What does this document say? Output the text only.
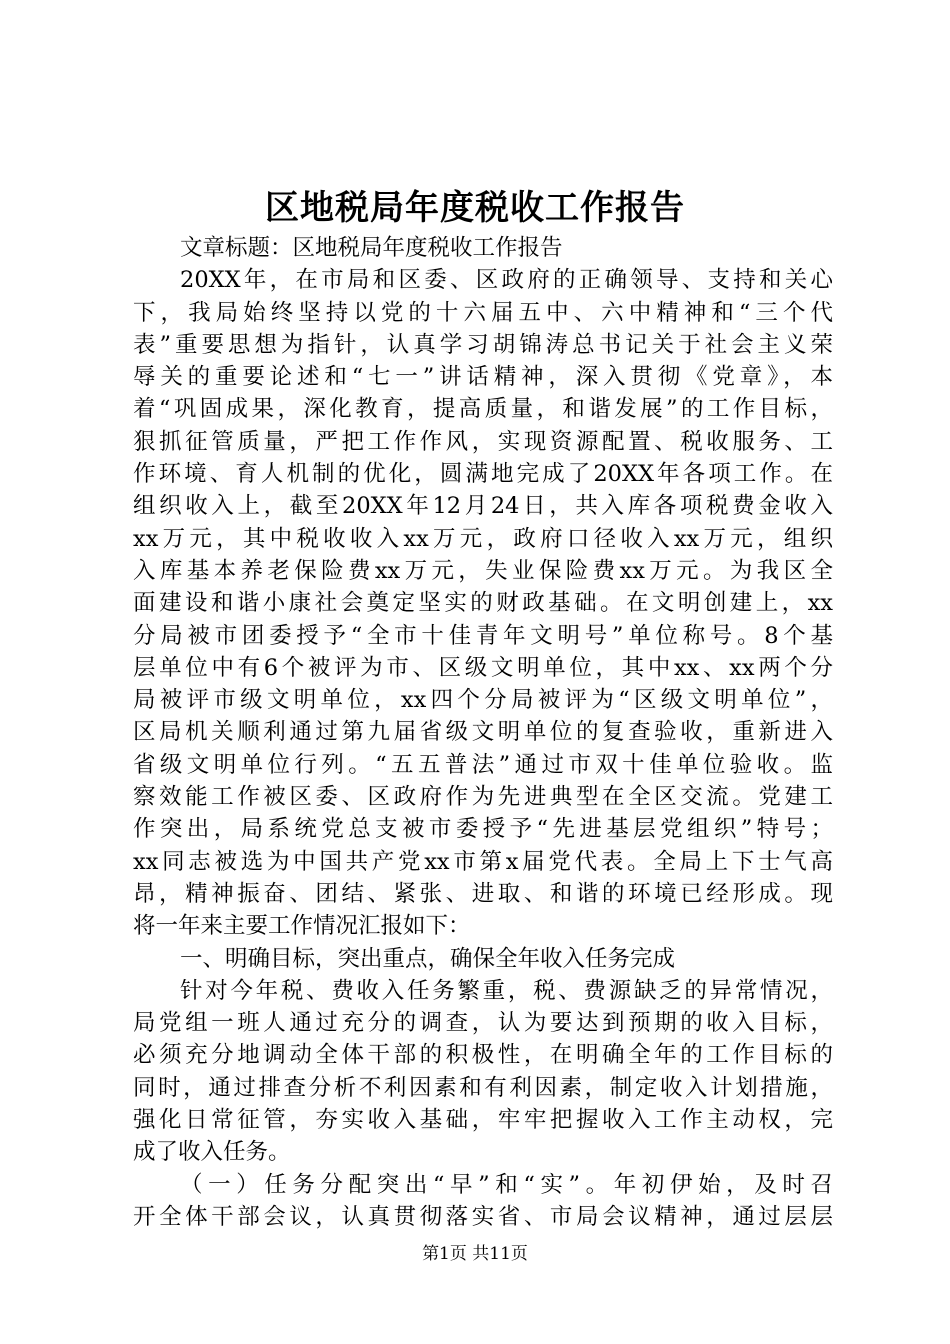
区地税局年度税收工作报告
文章标题：区地税局年度税收工作报告
20XX年，在市局和区委、区政府的正确领导、支持和关心
下，我局始终坚持以党的十六届五中、六中精神和“三个代
表”重要思想为指针，认真学习胡锦涛总书记关于社会主义荣
辱关的重要论述和“七一”讲话精神，深入贯彻《党章》，本
着“巩固成果，深化教育，提高质量，和谐发展”的工作目标，
狠抓征管质量，严把工作作风，实现资源配置、税收服务、工
作环境、育人机制的优化，圆满地完成了20XX年各项工作。在
组织收入上，截至20XX年12月24日，共入库各项税费金收入
xx万元，其中税收收入xx万元，政府口径收入xx万元，组织
入库基本养老保险费xx万元，失业保险费xx万元。为我区全
面建设和谐小康社会奠定坚实的财政基础。在文明创建上，xx
分局被市团委授予“全市十佳青年文明号”单位称号。8个基
层单位中有6个被评为市、区级文明单位，其中xx、xx两个分
局被评市级文明单位，xx四个分局被评为“区级文明单位”，
区局机关顺利通过第九届省级文明单位的复查验收，重新进入
省级文明单位行列。“五五普法”通过市双十佳单位验收。监
察效能工作被区委、区政府作为先进典型在全区交流。党建工
作突出，局系统党总支被市委授予“先进基层党组织”特号；
xx同志被选为中国共产党xx市第x届党代表。全局上下士气高
昂，精神振奋、团结、紧张、进取、和谐的环境已经形成。现
将一年来主要工作情况汇报如下：
一、明确目标，突出重点，确保全年收入任务完成
针对今年税、费收入任务繁重，税、费源缺乏的异常情况，
局党组一班人通过充分的调查，认为要达到预期的收入目标，
必须充分地调动全体干部的积极性，在明确全年的工作目标的
同时，通过排查分析不利因素和有利因素，制定收入计划措施，
强化日常征管，夯实收入基础，牢牢把握收入工作主动权，完
成了收入任务。
（一）任务分配突出“早”和“实”。年初伊始，及时召
开全体干部会议，认真贯彻落实省、市局会议精神，通过层层
第1页 共11页
